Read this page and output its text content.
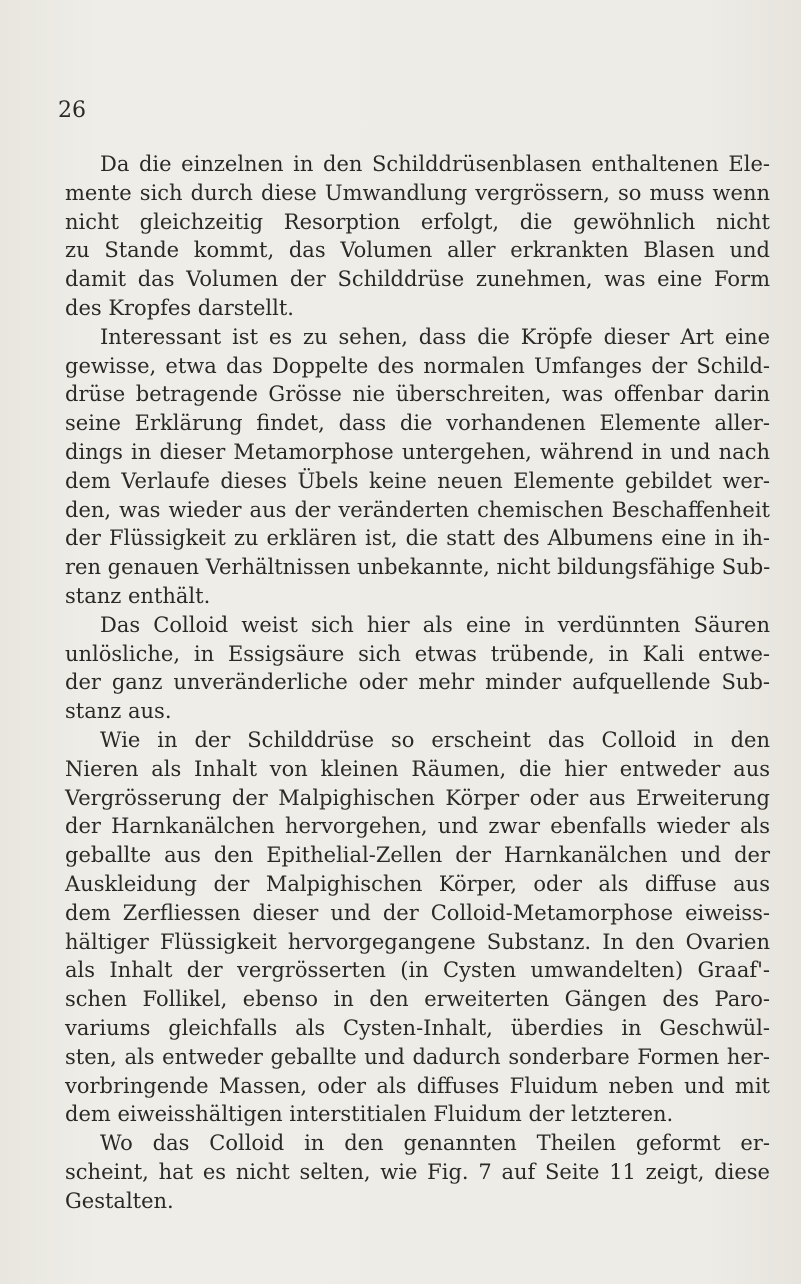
26
Da die einzelnen in den Schilddrüsenblasen enthaltenen Ele-
mente sich durch diese Umwandlung vergrössern, so muss wenn
nicht gleichzeitig Resorption erfolgt, die gewöhnlich nicht
zu Stande kommt, das Volumen aller erkrankten Blasen und
damit das Volumen der Schilddrüse zunehmen, was eine Form
des Kropfes darstellt.
Interessant ist es zu sehen, dass die Kröpfe dieser Art eine
gewisse, etwa das Doppelte des normalen Umfanges der Schild-
drüse betragende Grösse nie überschreiten, was offenbar darin
seine Erklärung findet, dass die vorhandenen Elemente aller-
dings in dieser Metamorphose untergehen, während in und nach
dem Verlaufe dieses Übels keine neuen Elemente gebildet wer-
den, was wieder aus der veränderten chemischen Beschaffenheit
der Flüssigkeit zu erklären ist, die statt des Albumens eine in ih-
ren genauen Verhältnissen unbekannte, nicht bildungsfähige Sub-
stanz enthält.
Das Colloid weist sich hier als eine in verdünnten Säuren
unlösliche, in Essigsäure sich etwas trübende, in Kali entwe-
der ganz unveränderliche oder mehr minder aufquellende Sub-
stanz aus.
Wie in der Schilddrüse so erscheint das Colloid in den
Nieren als Inhalt von kleinen Räumen, die hier entweder aus
Vergrösserung der Malpighischen Körper oder aus Erweiterung
der Harnkanälchen hervorgehen, und zwar ebenfalls wieder als
geballte aus den Epithelial-Zellen der Harnkanälchen und der
Auskleidung der Malpighischen Körper, oder als diffuse aus
dem Zerfliessen dieser und der Colloid-Metamorphose eiweiss-
hältiger Flüssigkeit hervorgegangene Substanz. In den Ovarien
als Inhalt der vergrösserten (in Cysten umwandelten) Graaf'-
schen Follikel, ebenso in den erweiterten Gängen des Paro-
variums gleichfalls als Cysten-Inhalt, überdies in Geschwül-
sten, als entweder geballte und dadurch sonderbare Formen her-
vorbringende Massen, oder als diffuses Fluidum neben und mit
dem eiweisshältigen interstitialen Fluidum der letzteren.
Wo das Colloid in den genannten Theilen geformt er-
scheint, hat es nicht selten, wie Fig. 7 auf Seite 11 zeigt, diese
Gestalten.
